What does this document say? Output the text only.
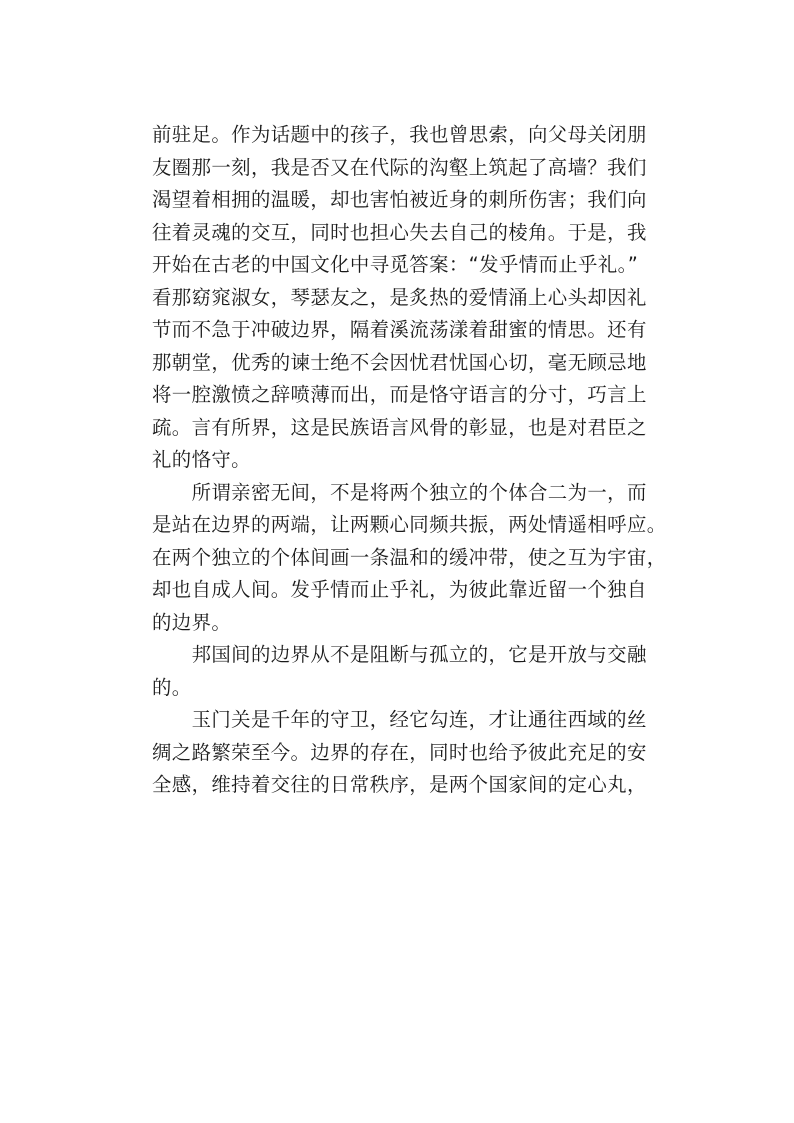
前驻足。作为话题中的孩子，我也曾思索，向父母关闭朋
友圈那一刻，我是否又在代际的沟壑上筑起了高墙？我们
渴望着相拥的温暖，却也害怕被近身的刺所伤害；我们向
往着灵魂的交互，同时也担心失去自己的棱角。于是，我
开始在古老的中国文化中寻觅答案：“发乎情而止乎礼。”
看那窈窕淑女，琴瑟友之，是炙热的爱情涌上心头却因礼
节而不急于冲破边界，隔着溪流荡漾着甜蜜的情思。还有
那朝堂，优秀的谏士绝不会因忧君忧国心切，毫无顾忌地
将一腔激愤之辞喷薄而出，而是恪守语言的分寸，巧言上
疏。言有所界，这是民族语言风骨的彰显，也是对君臣之
礼的恪守。
　　所谓亲密无间，不是将两个独立的个体合二为一，而
是站在边界的两端，让两颗心同频共振，两处情遥相呼应。
在两个独立的个体间画一条温和的缓冲带，使之互为宇宙，
却也自成人间。发乎情而止乎礼，为彼此靠近留一个独自
的边界。
　　邦国间的边界从不是阻断与孤立的，它是开放与交融
的。
　　玉门关是千年的守卫，经它勾连，才让通往西域的丝
绸之路繁荣至今。边界的存在，同时也给予彼此充足的安
全感，维持着交往的日常秩序，是两个国家间的定心丸，
